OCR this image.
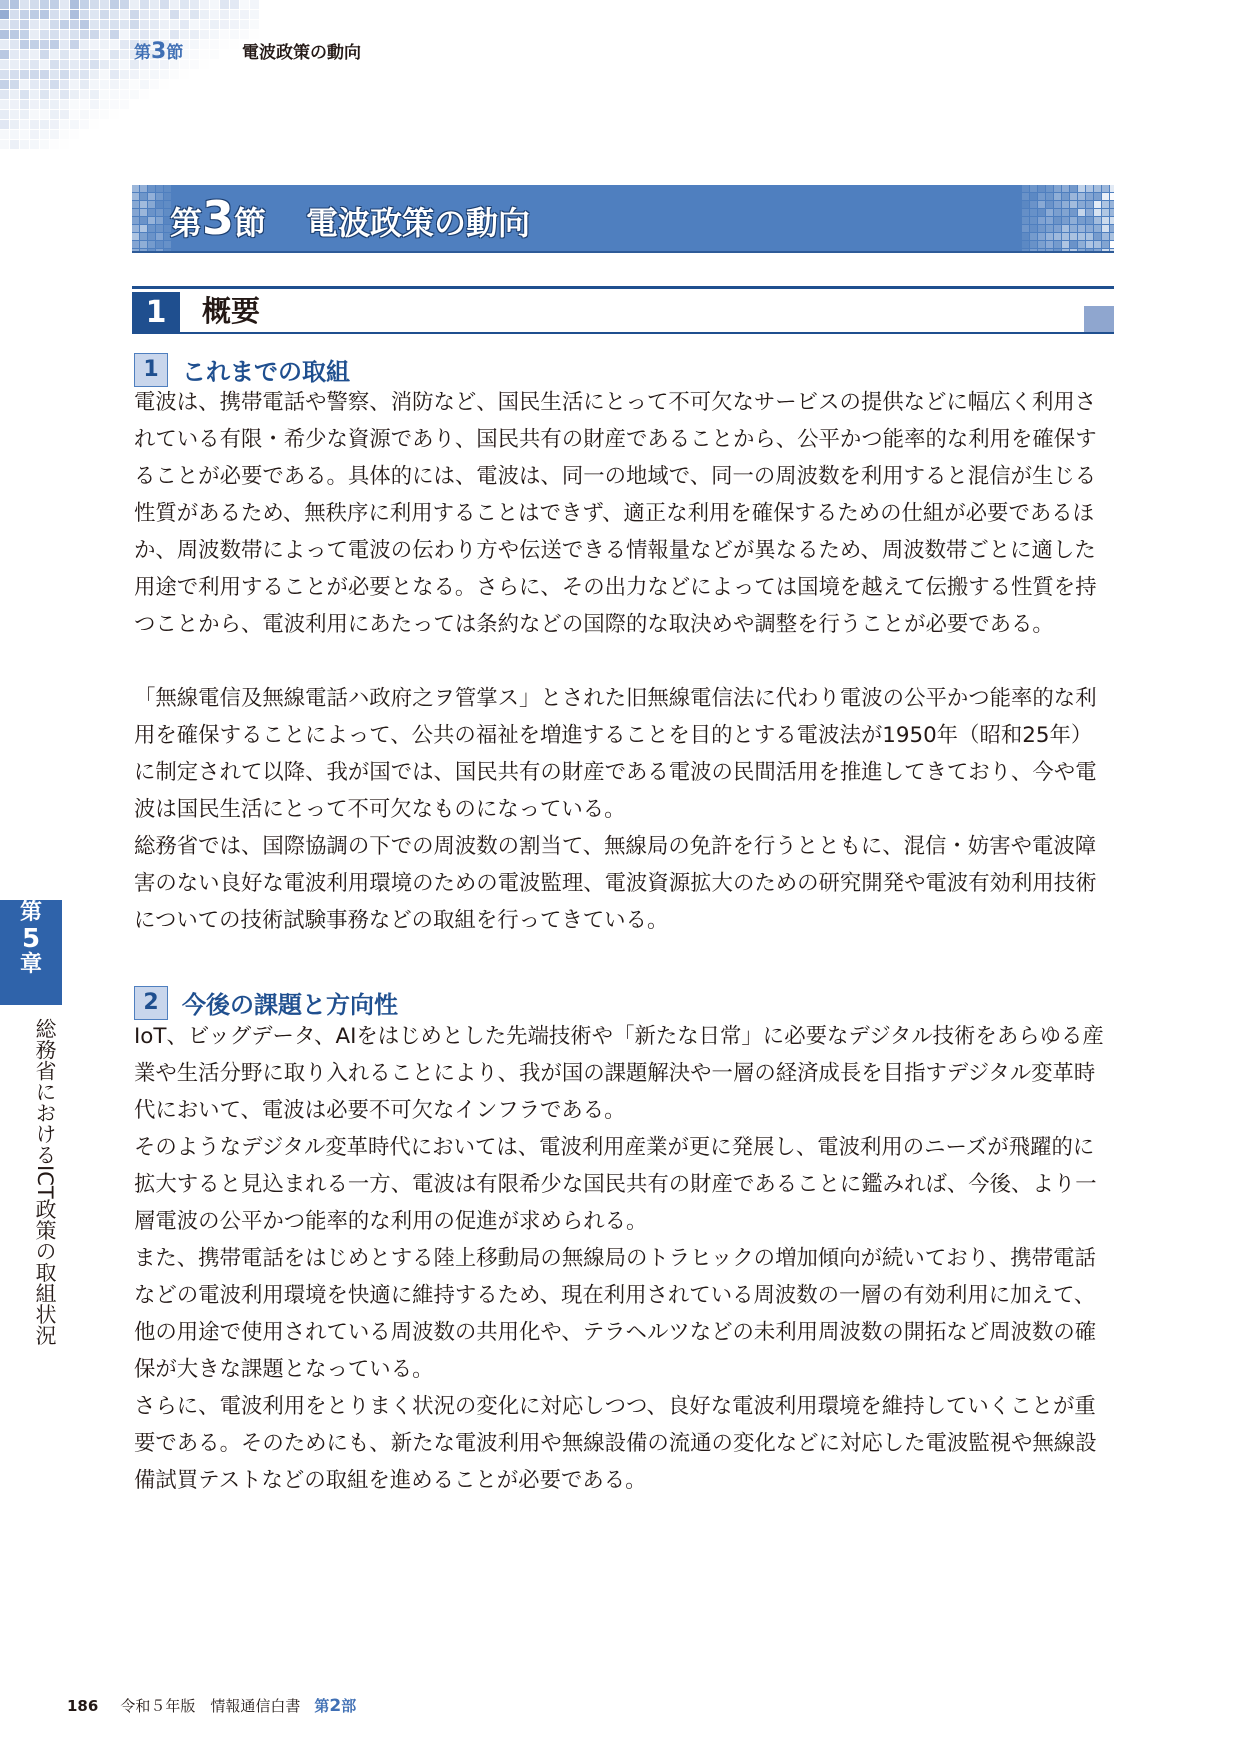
第3節	電波政策の動向
第3節 電波政策の動向
1	概要
1 これまでの取組

電波は、携帯電話や警察、消防など、国民生活にとって不可欠なサービスの提供などに幅広く利用されている有限・希少な資源であり、国民共有の財産であることから、公平かつ能率的な利用を確保することが必要である。具体的には、電波は、同一の地域で、同一の周波数を利用すると混信が生じる性質があるため、無秩序に利用することはできず、適正な利用を確保するための仕組が必要であるほか、周波数帯によって電波の伝わり方や伝送できる情報量などが異なるため、周波数帯ごとに適した用途で利用することが必要となる。さらに、その出力などによっては国境を越えて伝搬する性質を持つことから、電波利用にあたっては条約などの国際的な取決めや調整を行うことが必要である。

「無線電信及無線電話ハ政府之ヲ管掌ス」とされた旧無線電信法に代わり電波の公平かつ能率的な利用を確保することによって、公共の福祉を増進することを目的とする電波法が1950年（昭和25年）に制定されて以降、我が国では、国民共有の財産である電波の民間活用を推進してきており、今や電波は国民生活にとって不可欠なものになっている。

総務省では、国際協調の下での周波数の割当て、無線局の免許を行うとともに、混信・妨害や電波障害のない良好な電波利用環境のための電波監理、電波資源拡大のための研究開発や電波有効利用技術についての技術試験事務などの取組を行ってきている。

2 今後の課題と方向性

IoT、ビッグデータ、AIをはじめとした先端技術や「新たな日常」に必要なデジタル技術をあらゆる産業や生活分野に取り入れることにより、我が国の課題解決や一層の経済成長を目指すデジタル変革時代において、電波は必要不可欠なインフラである。

そのようなデジタル変革時代においては、電波利用産業が更に発展し、電波利用のニーズが飛躍的に拡大すると見込まれる一方、電波は有限希少な国民共有の財産であることに鑑みれば、今後、より一層電波の公平かつ能率的な利用の促進が求められる。

また、携帯電話をはじめとする陸上移動局の無線局のトラヒックの増加傾向が続いており、携帯電話などの電波利用環境を快適に維持するため、現在利用されている周波数の一層の有効利用に加えて、他の用途で使用されている周波数の共用化や、テラヘルツなどの未利用周波数の開拓など周波数の確保が大きな課題となっている。

さらに、電波利用をとりまく状況の変化に対応しつつ、良好な電波利用環境を維持していくことが重要である。そのためにも、新たな電波利用や無線設備の流通の変化などに対応した電波監視や無線設備試買テストなどの取組を進めることが必要である。

第
5
章
総務省におけるICT政策の取組状況
186 令和５年版　情報通信白書 第2部
